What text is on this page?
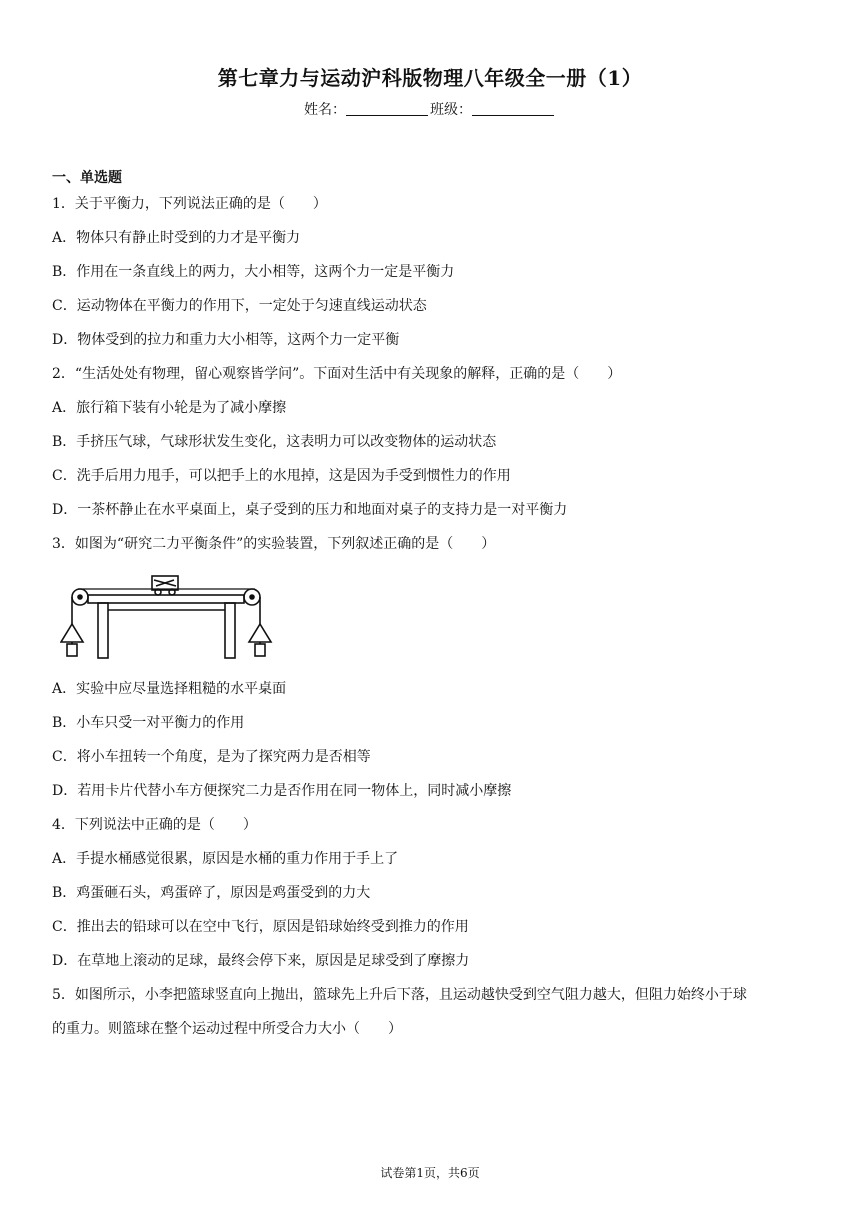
第七章力与运动沪科版物理八年级全一册（1）
姓名：	班级：
一、单选题
1．关于平衡力，下列说法正确的是（　　）
A．物体只有静止时受到的力才是平衡力
B．作用在一条直线上的两力，大小相等，这两个力一定是平衡力
C．运动物体在平衡力的作用下，一定处于匀速直线运动状态
D．物体受到的拉力和重力大小相等，这两个力一定平衡
2．“生活处处有物理，留心观察皆学问”。下面对生活中有关现象的解释，正确的是（　　）
A．旅行箱下装有小轮是为了减小摩擦
B．手挤压气球，气球形状发生变化，这表明力可以改变物体的运动状态
C．洗手后用力甩手，可以把手上的水甩掉，这是因为手受到惯性力的作用
D．一茶杯静止在水平桌面上，桌子受到的压力和地面对桌子的支持力是一对平衡力
3．如图为“研究二力平衡条件”的实验装置，下列叙述正确的是（　　）
A．实验中应尽量选择粗糙的水平桌面
B．小车只受一对平衡力的作用
C．将小车扭转一个角度，是为了探究两力是否相等
D．若用卡片代替小车方便探究二力是否作用在同一物体上，同时减小摩擦
4．下列说法中正确的是（　　）
A．手提水桶感觉很累，原因是水桶的重力作用于手上了
B．鸡蛋砸石头，鸡蛋碎了，原因是鸡蛋受到的力大
C．推出去的铅球可以在空中飞行，原因是铅球始终受到推力的作用
D．在草地上滚动的足球，最终会停下来，原因是足球受到了摩擦力
5．如图所示，小李把篮球竖直向上抛出，篮球先上升后下落，且运动越快受到空气阻力越大，但阻力始终小于球
的重力。则篮球在整个运动过程中所受合力大小（　　）
试卷第1页，共6页
